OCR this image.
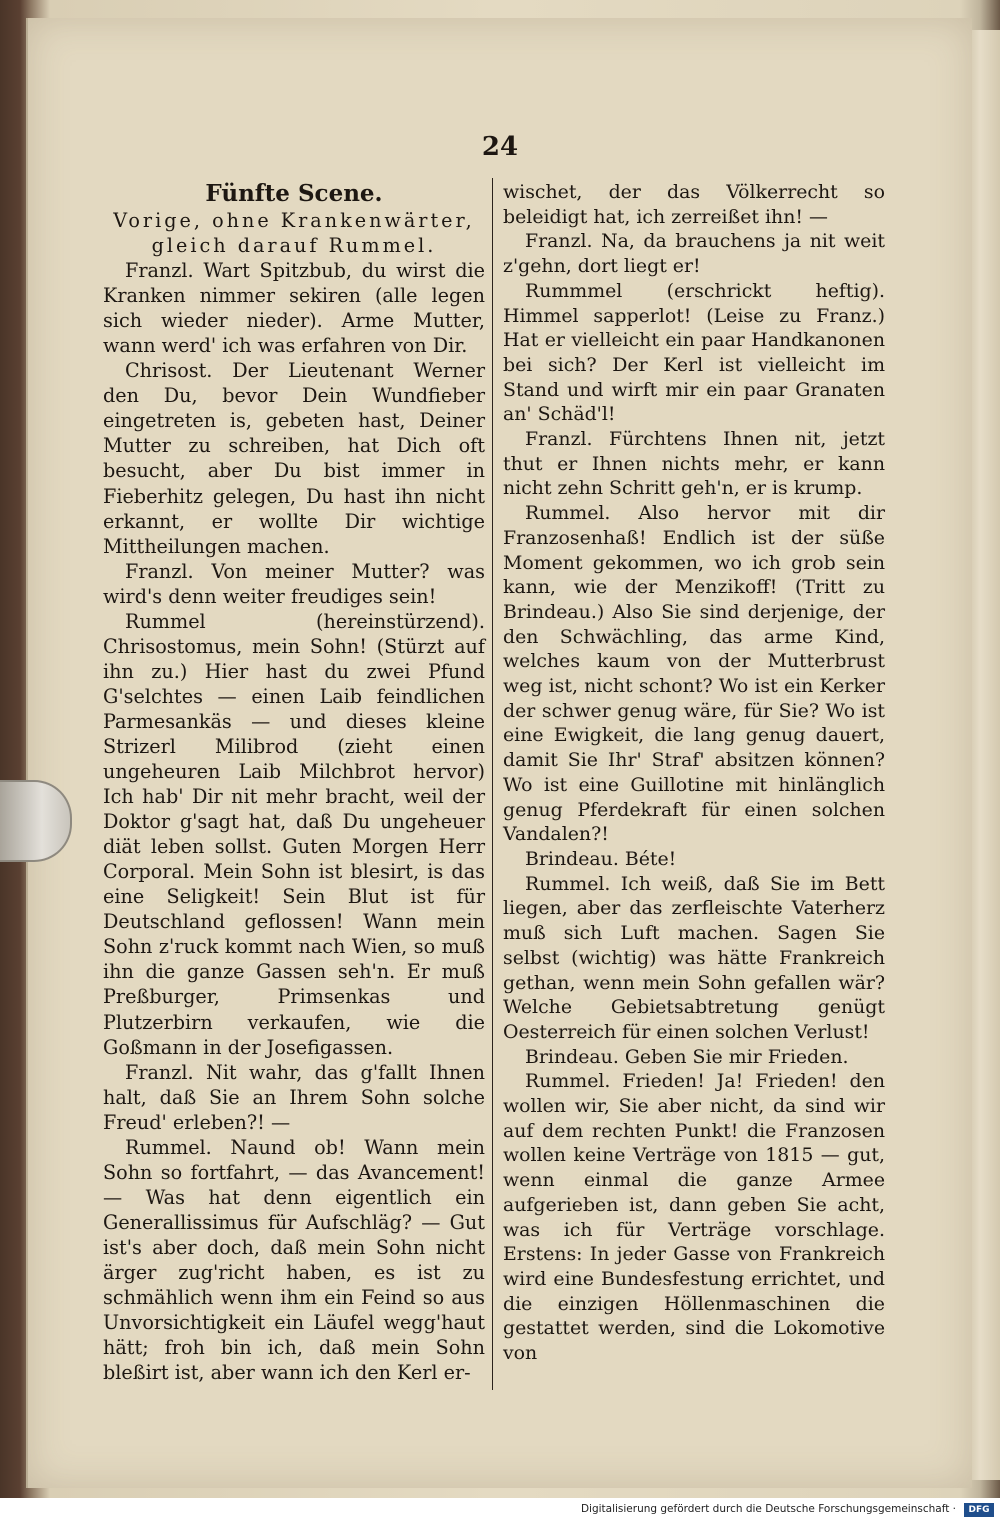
24

Fünfte Scene.

Vorige, ohne Krankenwärter, gleich darauf Rummel.

Franzl. Wart Spitzbub, du wirst die Kranken nimmer sekiren (alle legen sich wieder nieder). Arme Mutter, wann werd' ich was erfahren von Dir.

Chrisost. Der Lieutenant Werner den Du, bevor Dein Wundfieber eingetreten is, gebeten hast, Deiner Mutter zu schreiben, hat Dich oft besucht, aber Du bist immer in Fieberhitz gelegen, Du hast ihn nicht erkannt, er wollte Dir wichtige Mittheilungen machen.

Franzl. Von meiner Mutter? was wird's denn weiter freudiges sein!

Rummel (hereinstürzend). Chrisostomus, mein Sohn! (Stürzt auf ihn zu.) Hier hast du zwei Pfund G'selchtes — einen Laib feindlichen Parmesankäs — und dieses kleine Strizerl Milibrod (zieht einen ungeheuren Laib Milchbrot hervor) Ich hab' Dir nit mehr bracht, weil der Doktor g'sagt hat, daß Du ungeheuer diät leben sollst. Guten Morgen Herr Corporal. Mein Sohn ist blesirt, is das eine Seligkeit! Sein Blut ist für Deutschland geflossen! Wann mein Sohn z'ruck kommt nach Wien, so muß ihn die ganze Gassen seh'n. Er muß Preßburger, Primsenkas und Plutzerbirn verkaufen, wie die Goßmann in der Josefigassen.

Franzl. Nit wahr, das g'fallt Ihnen halt, daß Sie an Ihrem Sohn solche Freud' erleben?! —

Rummel. Naund ob! Wann mein Sohn so fortfahrt, — das Avancement! — Was hat denn eigentlich ein Generallissimus für Aufschläg? — Gut ist's aber doch, daß mein Sohn nicht ärger zug'richt haben, es ist zu schmählich wenn ihm ein Feind so aus Unvorsichtigkeit ein Läufel wegg'haut hätt; froh bin ich, daß mein Sohn bleßirt ist, aber wann ich den Kerl er-

wischet, der das Völkerrecht so beleidigt hat, ich zerreißet ihn! —

Franzl. Na, da brauchens ja nit weit z'gehn, dort liegt er!

Rummmel (erschrickt heftig). Himmel sapperlot! (Leise zu Franz.) Hat er vielleicht ein paar Handkanonen bei sich? Der Kerl ist vielleicht im Stand und wirft mir ein paar Granaten an' Schäd'l!

Franzl. Fürchtens Ihnen nit, jetzt thut er Ihnen nichts mehr, er kann nicht zehn Schritt geh'n, er is krump.

Rummel. Also hervor mit dir Franzosenhaß! Endlich ist der süße Moment gekommen, wo ich grob sein kann, wie der Menzikoff! (Tritt zu Brindeau.) Also Sie sind derjenige, der den Schwächling, das arme Kind, welches kaum von der Mutterbrust weg ist, nicht schont? Wo ist ein Kerker der schwer genug wäre, für Sie? Wo ist eine Ewigkeit, die lang genug dauert, damit Sie Ihr' Straf' absitzen können? Wo ist eine Guillotine mit hinlänglich genug Pferdekraft für einen solchen Vandalen?!

Brindeau. Béte!

Rummel. Ich weiß, daß Sie im Bett liegen, aber das zerfleischte Vaterherz muß sich Luft machen. Sagen Sie selbst (wichtig) was hätte Frankreich gethan, wenn mein Sohn gefallen wär? Welche Gebietsabtretung genügt Oesterreich für einen solchen Verlust!

Brindeau. Geben Sie mir Frieden.

Rummel. Frieden! Ja! Frieden! den wollen wir, Sie aber nicht, da sind wir auf dem rechten Punkt! die Franzosen wollen keine Verträge von 1815 — gut, wenn einmal die ganze Armee aufgerieben ist, dann geben Sie acht, was ich für Verträge vorschlage. Erstens: In jeder Gasse von Frankreich wird eine Bundesfestung errichtet, und die einzigen Höllenmaschinen die gestattet werden, sind die Lokomotive von

Digitalisierung gefördert durch die Deutsche Forschungsgemeinschaft ·	DFG
